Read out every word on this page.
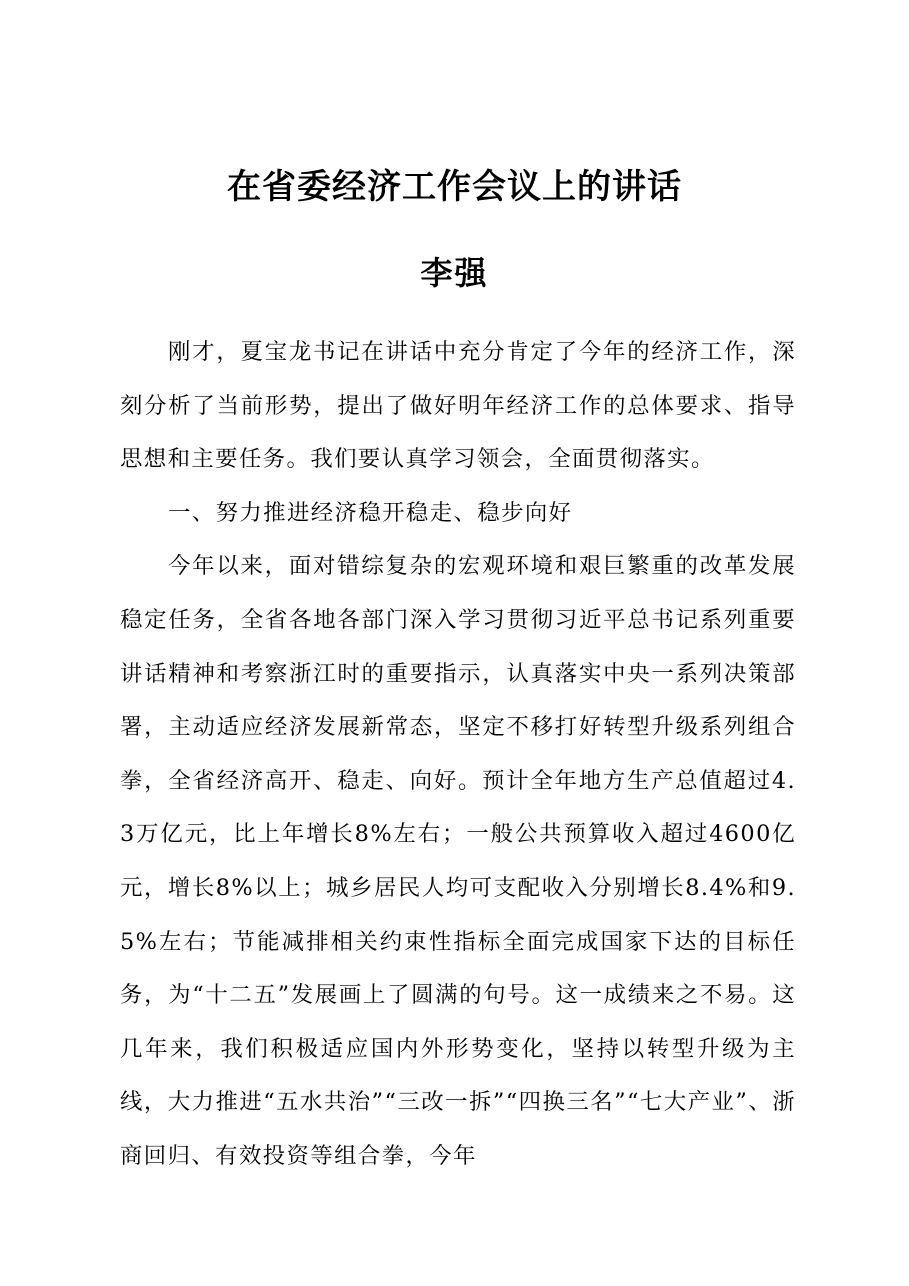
在省委经济工作会议上的讲话
李强

刚才，夏宝龙书记在讲话中充分肯定了今年的经济工作，深刻分析了当前形势，提出了做好明年经济工作的总体要求、指导思想和主要任务。我们要认真学习领会，全面贯彻落实。

一、努力推进经济稳开稳走、稳步向好

今年以来，面对错综复杂的宏观环境和艰巨繁重的改革发展稳定任务，全省各地各部门深入学习贯彻习近平总书记系列重要讲话精神和考察浙江时的重要指示，认真落实中央一系列决策部署，主动适应经济发展新常态，坚定不移打好转型升级系列组合拳，全省经济高开、稳走、向好。预计全年地方生产总值超过4.3万亿元，比上年增长8%左右；一般公共预算收入超过4600亿元，增长8%以上；城乡居民人均可支配收入分别增长8.4%和9.5%左右；节能减排相关约束性指标全面完成国家下达的目标任务，为“十二五”发展画上了圆满的句号。这一成绩来之不易。这几年来，我们积极适应国内外形势变化，坚持以转型升级为主线，大力推进“五水共治”“三改一拆”“四换三名”“七大产业”、浙商回归、有效投资等组合拳，今年
